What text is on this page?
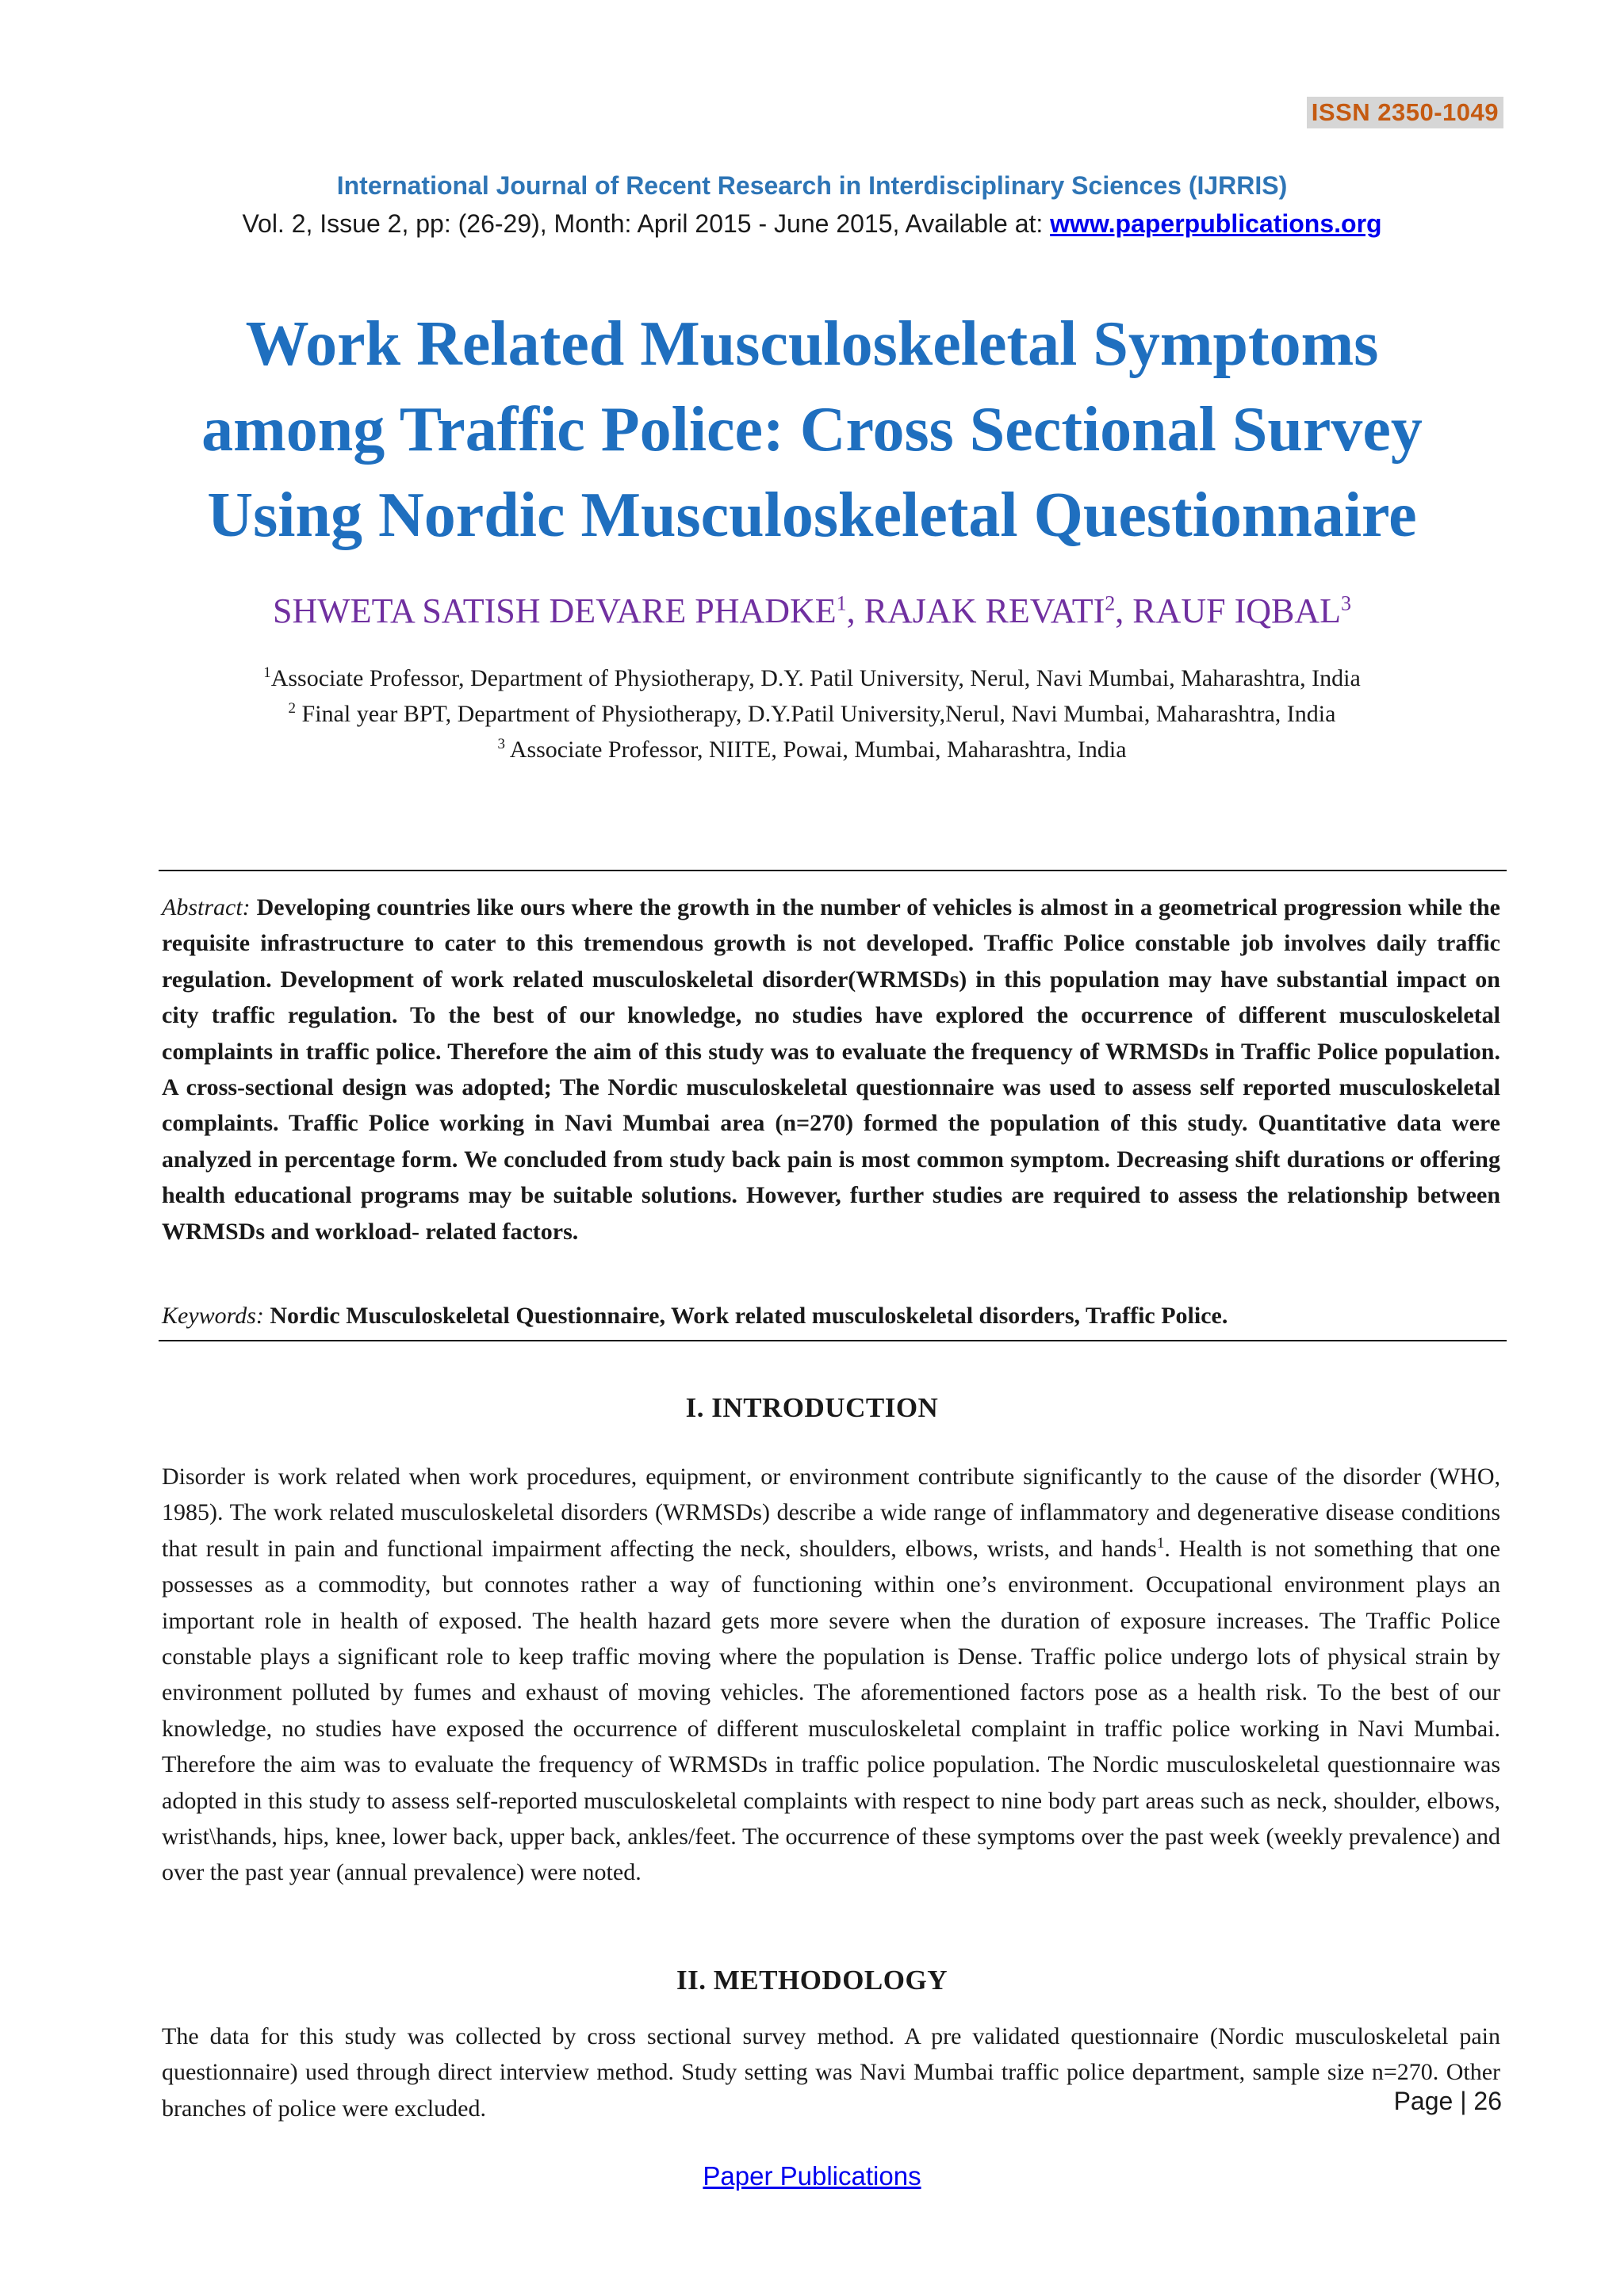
ISSN 2350-1049
International Journal of Recent Research in Interdisciplinary Sciences (IJRRIS)
Vol. 2, Issue 2, pp: (26-29), Month: April 2015 - June 2015, Available at: www.paperpublications.org
Work Related Musculoskeletal Symptoms
among Traffic Police: Cross Sectional Survey
Using Nordic Musculoskeletal Questionnaire
SHWETA SATISH DEVARE PHADKE$^1$, RAJAK REVATI$^2$, RAUF IQBAL$^3$
$^1$Associate Professor, Department of Physiotherapy, D.Y. Patil University, Nerul, Navi Mumbai, Maharashtra, India
$^2$ Final year BPT, Department of Physiotherapy, D.Y.Patil University,Nerul, Navi Mumbai, Maharashtra, India
$^3$ Associate Professor, NIITE, Powai, Mumbai, Maharashtra, India
Abstract: Developing countries like ours where the growth in the number of vehicles is almost in a geometrical progression while the requisite infrastructure to cater to this tremendous growth is not developed. Traffic Police constable job involves daily traffic regulation. Development of work related musculoskeletal disorder(WRMSDs) in this population may have substantial impact on city traffic regulation. To the best of our knowledge, no studies have explored the occurrence of different musculoskeletal complaints in traffic police. Therefore the aim of this study was to evaluate the frequency of WRMSDs in Traffic Police population. A cross-sectional design was adopted; The Nordic musculoskeletal questionnaire was used to assess self reported musculoskeletal complaints. Traffic Police working in Navi Mumbai area (n=270) formed the population of this study. Quantitative data were analyzed in percentage form. We concluded from study back pain is most common symptom. Decreasing shift durations or offering health educational programs may be suitable solutions. However, further studies are required to assess the relationship between WRMSDs and workload- related factors.
Keywords: Nordic Musculoskeletal Questionnaire, Work related musculoskeletal disorders, Traffic Police.
I. INTRODUCTION
Disorder is work related when work procedures, equipment, or environment contribute significantly to the cause of the disorder (WHO, 1985). The work related musculoskeletal disorders (WRMSDs) describe a wide range of inflammatory and degenerative disease conditions that result in pain and functional impairment affecting the neck, shoulders, elbows, wrists, and hands$^1$. Health is not something that one possesses as a commodity, but connotes rather a way of functioning within one’s environment. Occupational environment plays an important role in health of exposed. The health hazard gets more severe when the duration of exposure increases. The Traffic Police constable plays a significant role to keep traffic moving where the population is Dense. Traffic police undergo lots of physical strain by environment polluted by fumes and exhaust of moving vehicles. The aforementioned factors pose as a health risk. To the best of our knowledge, no studies have exposed the occurrence of different musculoskeletal complaint in traffic police working in Navi Mumbai. Therefore the aim was to evaluate the frequency of WRMSDs in traffic police population. The Nordic musculoskeletal questionnaire was adopted in this study to assess self-reported musculoskeletal complaints with respect to nine body part areas such as neck, shoulder, elbows, wrist\hands, hips, knee, lower back, upper back, ankles/feet. The occurrence of these symptoms over the past week (weekly prevalence) and over the past year (annual prevalence) were noted.
II. METHODOLOGY
The data for this study was collected by cross sectional survey method. A pre validated questionnaire (Nordic musculoskeletal pain questionnaire) used through direct interview method. Study setting was Navi Mumbai traffic police department, sample size n=270. Other branches of police were excluded.	Page | 26
Paper Publications
